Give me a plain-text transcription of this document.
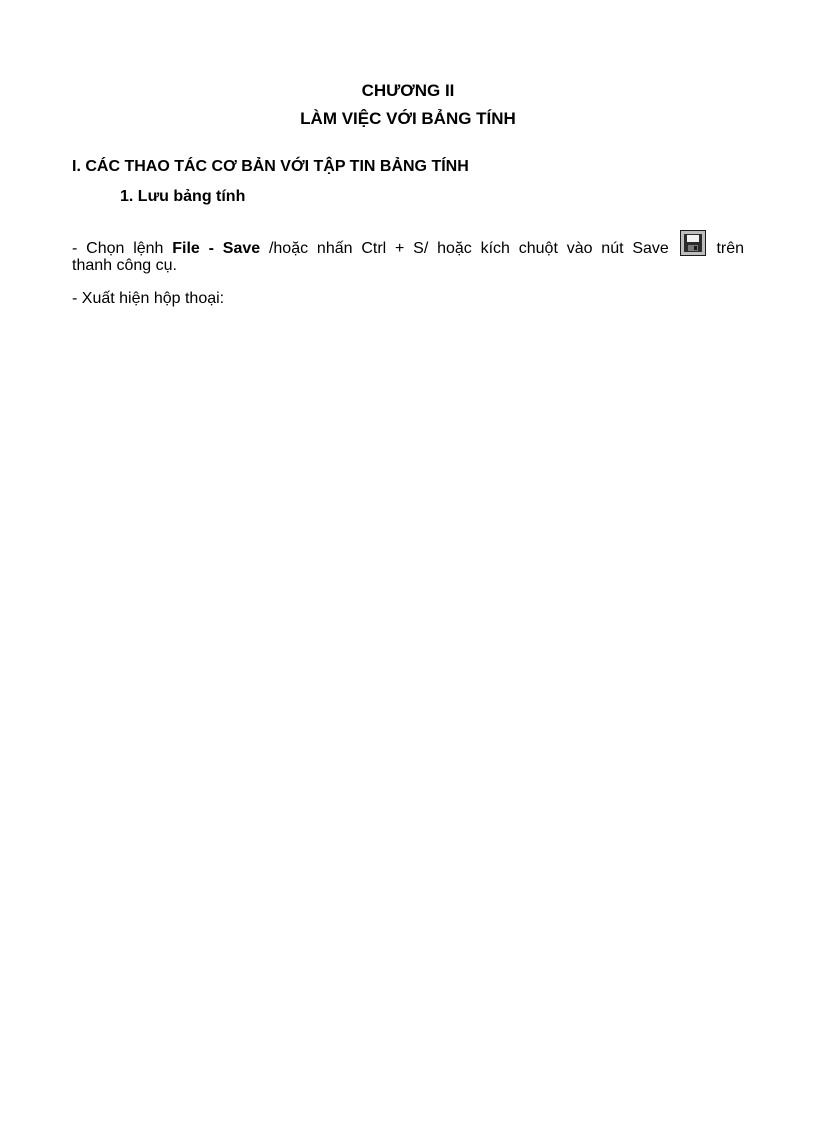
CHƯƠNG II
LÀM VIỆC VỚI BẢNG TÍNH
I. CÁC THAO TÁC CƠ BẢN VỚI TẬP TIN BẢNG TÍNH
1. Lưu bảng tính
- Chọn lệnh File - Save /hoặc nhấn Ctrl + S/ hoặc kích chuột vào nút Save
trên
thanh công cụ.
- Xuất hiện hộp thoại:
